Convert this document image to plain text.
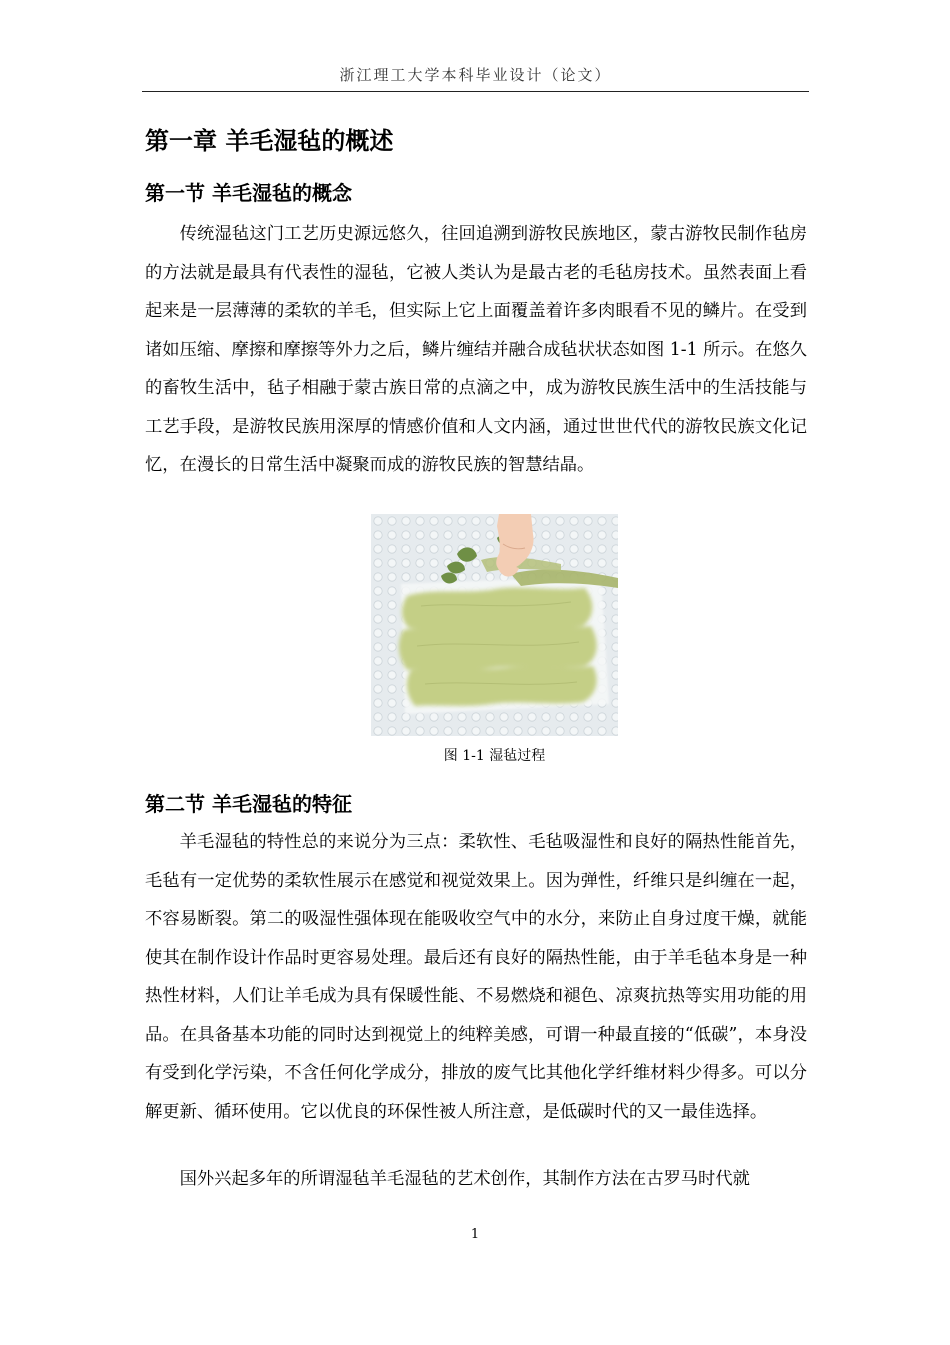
浙江理工大学本科毕业设计（论文）
第一章 羊毛湿毡的概述
第一节 羊毛湿毡的概念

传统湿毡这门工艺历史源远悠久，往回追溯到游牧民族地区，蒙古游牧民制作毡房的方法就是最具有代表性的湿毡，它被人类认为是最古老的毛毡房技术。虽然表面上看起来是一层薄薄的柔软的羊毛，但实际上它上面覆盖着许多肉眼看不见的鳞片。在受到诸如压缩、摩擦和摩擦等外力之后，鳞片缠结并融合成毡状状态如图 1-1 所示。在悠久的畜牧生活中，毡子相融于蒙古族日常的点滴之中，成为游牧民族生活中的生活技能与工艺手段，是游牧民族用深厚的情感价值和人文内涵，通过世世代代的游牧民族文化记忆，在漫长的日常生活中凝聚而成的游牧民族的智慧结晶。

图 1-1 湿毡过程
第二节 羊毛湿毡的特征

羊毛湿毡的特性总的来说分为三点：柔软性、毛毡吸湿性和良好的隔热性能首先，毛毡有一定优势的柔软性展示在感觉和视觉效果上。因为弹性，纤维只是纠缠在一起，不容易断裂。第二的吸湿性强体现在能吸收空气中的水分，来防止自身过度干燥，就能使其在制作设计作品时更容易处理。最后还有良好的隔热性能，由于羊毛毡本身是一种热性材料，人们让羊毛成为具有保暖性能、不易燃烧和褪色、凉爽抗热等实用功能的用品。在具备基本功能的同时达到视觉上的纯粹美感，可谓一种最直接的“低碳”，本身没有受到化学污染，不含任何化学成分，排放的废气比其他化学纤维材料少得多。可以分解更新、循环使用。它以优良的环保性被人所注意，是低碳时代的又一最佳选择。

国外兴起多年的所谓湿毡羊毛湿毡的艺术创作，其制作方法在古罗马时代就

1
